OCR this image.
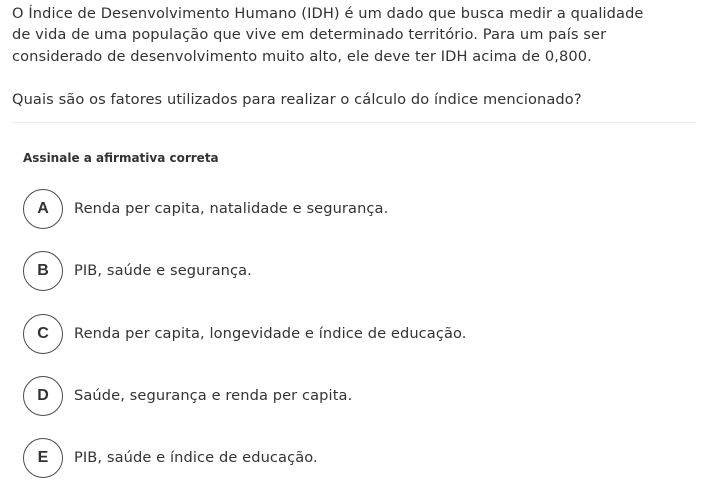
O Índice de Desenvolvimento Humano (IDH) é um dado que busca medir a qualidade

de vida de uma população que vive em determinado território. Para um país ser

considerado de desenvolvimento muito alto, ele deve ter IDH acima de 0,800.

Quais são os fatores utilizados para realizar o cálculo do índice mencionado?

Assinale a afirmativa correta
A	Renda per capita, natalidade e segurança.
B	PIB, saúde e segurança.
C	Renda per capita, longevidade e índice de educação.
D	Saúde, segurança e renda per capita.
E	PIB, saúde e índice de educação.
